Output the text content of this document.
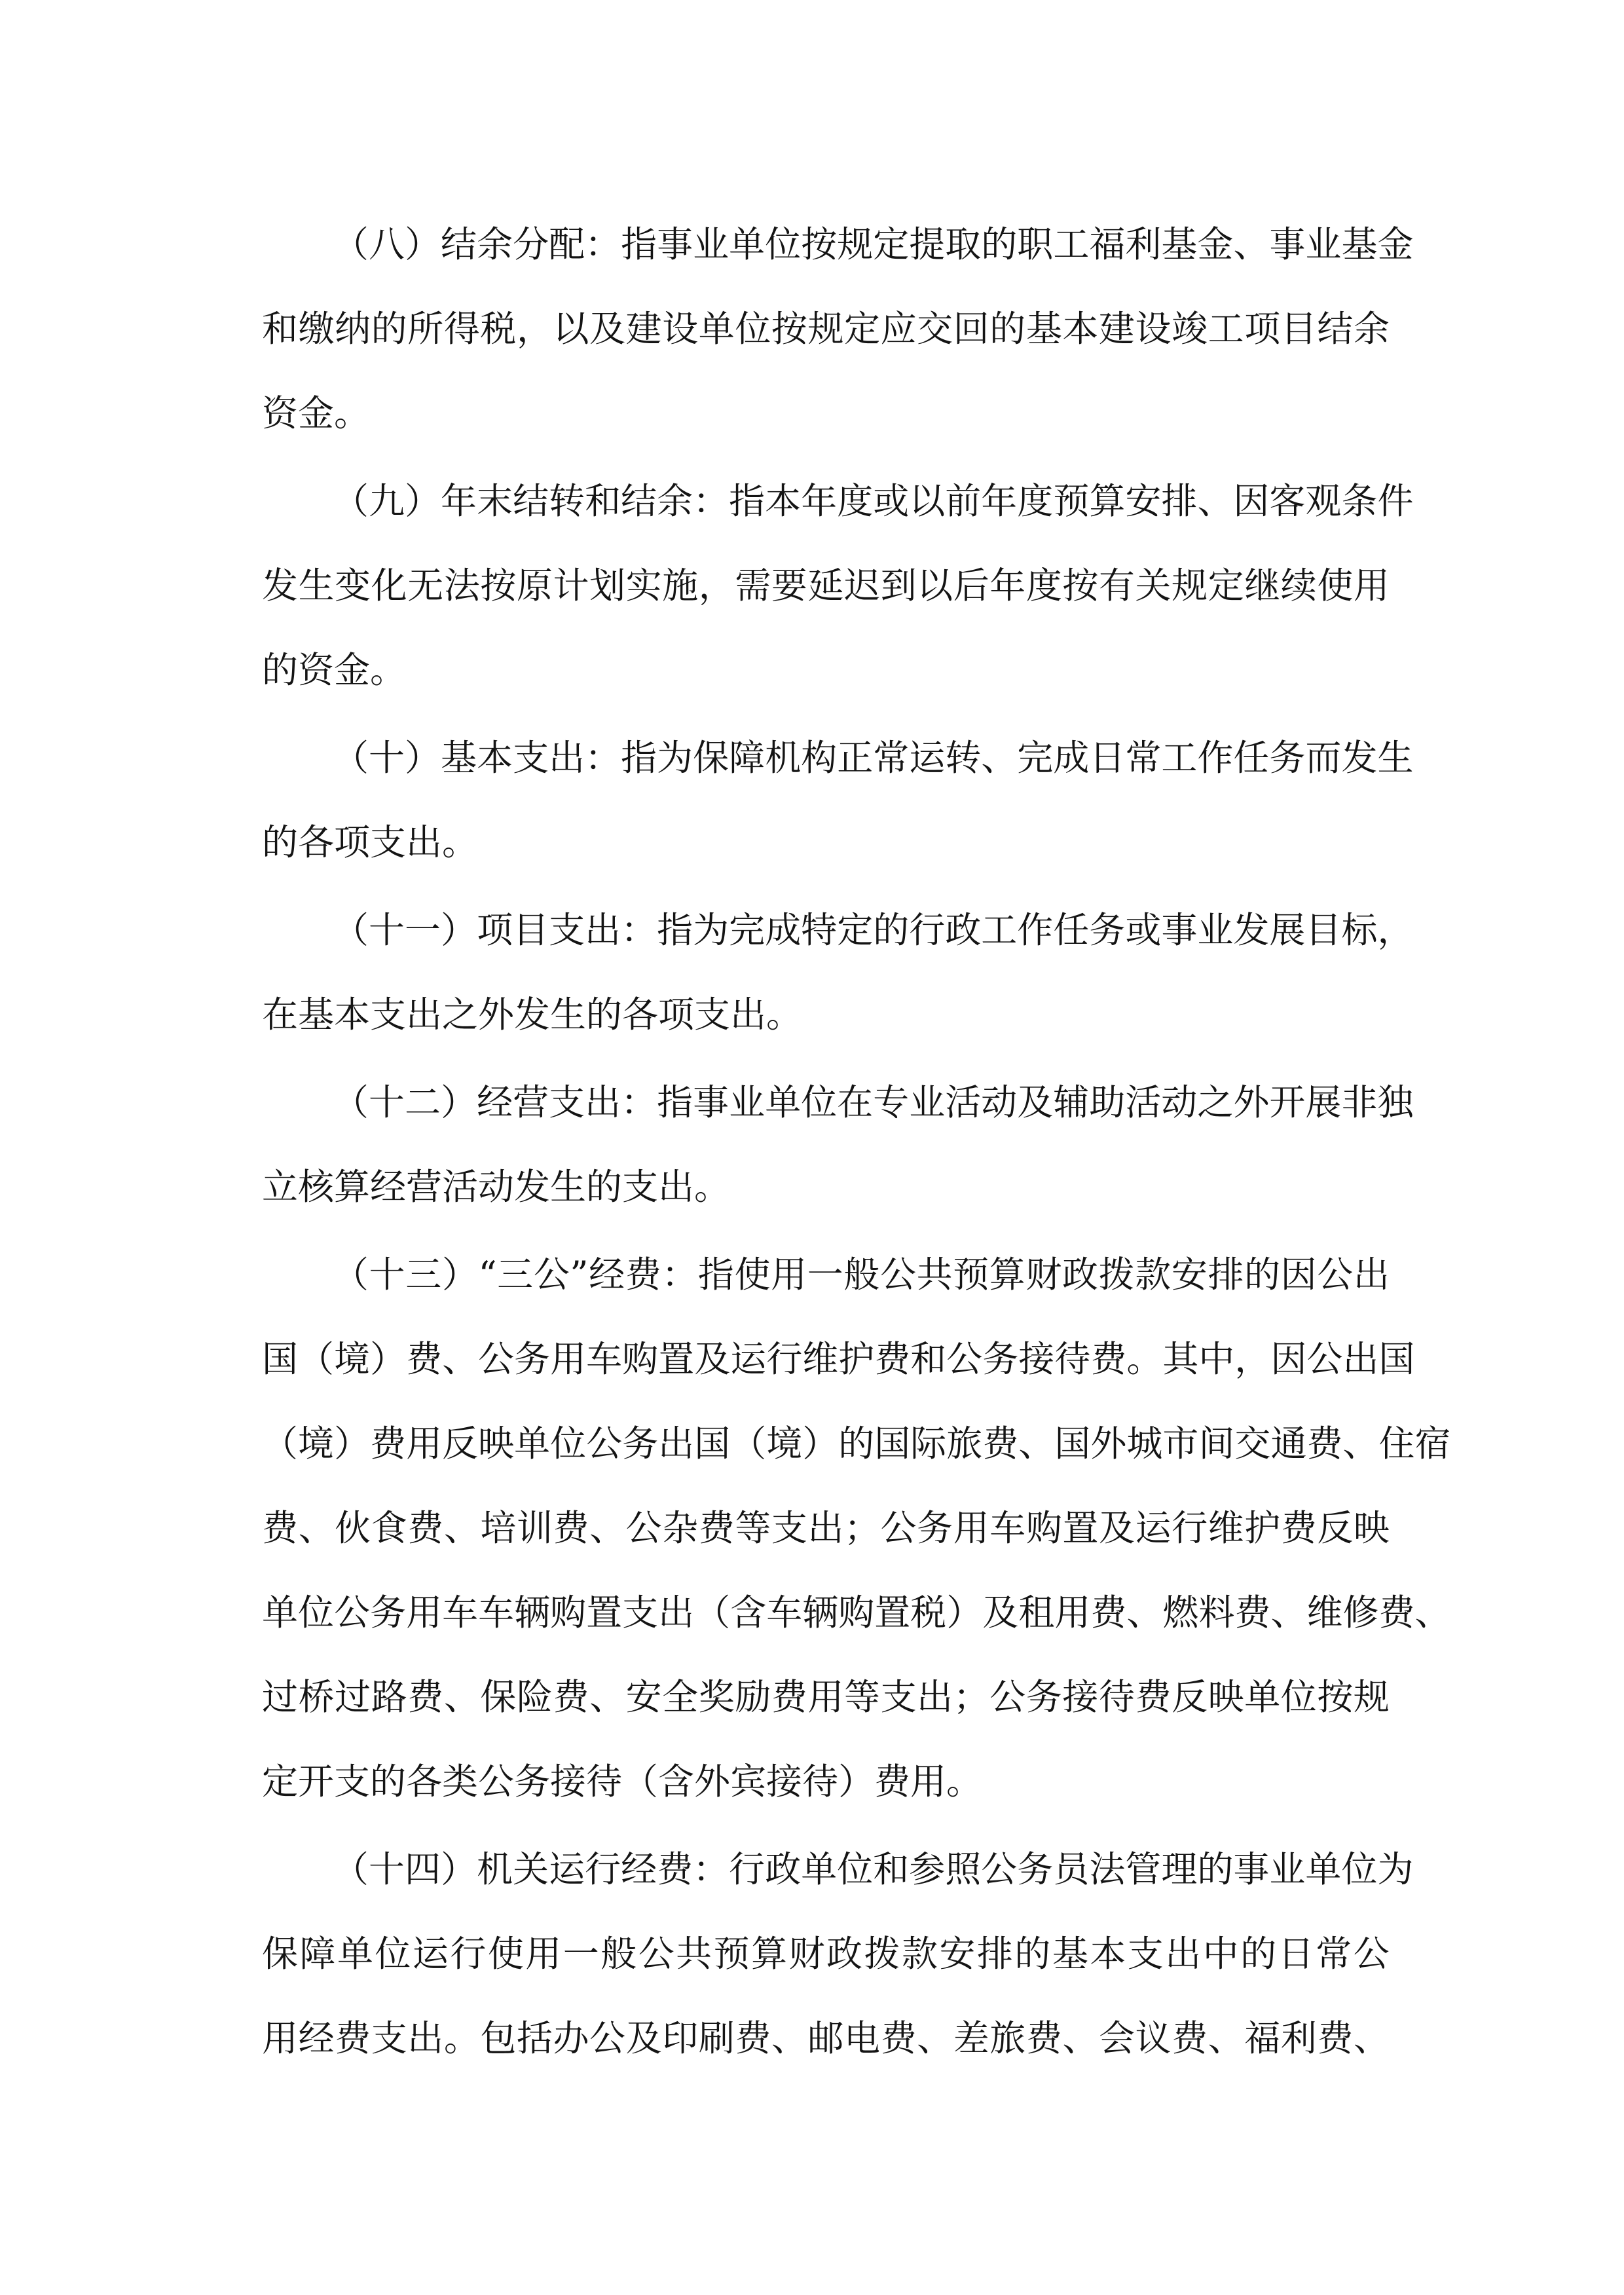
（ 八 ） 结 余 分 配 ： 指 事 业 单 位 按 规 定 提 取 的 职 工 福 利 基 金 、 事 业 基 金
和 缴 纳 的 所 得 税 ， 以 及 建 设 单 位 按 规 定 应 交 回 的 基 本 建 设 竣 工 项 目 结 余
资金。
（ 九 ） 年 末 结 转 和 结 余 ： 指 本 年 度 或 以 前 年 度 预 算 安 排 、 因 客 观 条 件
发 生 变 化 无 法 按 原 计 划 实 施 ， 需 要 延 迟 到 以 后 年 度 按 有 关 规 定 继 续 使 用
的资金。
（ 十 ） 基 本 支 出 ： 指 为 保 障 机 构 正 常 运 转 、 完 成 日 常 工 作 任 务 而 发 生
的各项支出。
（ 十 一 ） 项 目 支 出 ： 指 为 完 成 特 定 的 行 政 工 作 任 务 或 事 业 发 展 目 标 ，
在基本支出之外发生的各项支出。
（ 十 二 ） 经 营 支 出 ： 指 事 业 单 位 在 专 业 活 动 及 辅 助 活 动 之 外 开 展 非 独
立核算经营活动发生的支出。
（ 十 三 ） “ 三 公 ” 经 费 ： 指 使 用 一 般 公 共 预 算 财 政 拨 款 安 排 的 因 公 出
国 （ 境 ） 费 、 公 务 用 车 购 置 及 运 行 维 护 费 和 公 务 接 待 费 。 其 中 ， 因 公 出 国
（ 境 ） 费 用 反 映 单 位 公 务 出 国 （ 境 ） 的 国 际 旅 费 、 国 外 城 市 间 交 通 费 、 住 宿
费 、 伙 食 费 、 培 训 费 、 公 杂 费 等 支 出 ； 公 务 用 车 购 置 及 运 行 维 护 费 反 映
单 位 公 务 用 车 车 辆 购 置 支 出 （ 含 车 辆 购 置 税 ） 及 租 用 费 、 燃 料 费 、 维 修 费 、
过 桥 过 路 费 、 保 险 费 、 安 全 奖 励 费 用 等 支 出 ； 公 务 接 待 费 反 映 单 位 按 规
定开支的各类公务接待（含外宾接待）费用。
（ 十 四 ） 机 关 运 行 经 费 ： 行 政 单 位 和 参 照 公 务 员 法 管 理 的 事 业 单 位 为
保 障 单 位 运 行 使 用 一 般 公 共 预 算 财 政 拨 款 安 排 的 基 本 支 出 中 的 日 常 公
用 经 费 支 出 。 包 括 办 公 及 印 刷 费 、 邮 电 费 、 差 旅 费 、 会 议 费 、 福 利 费 、
